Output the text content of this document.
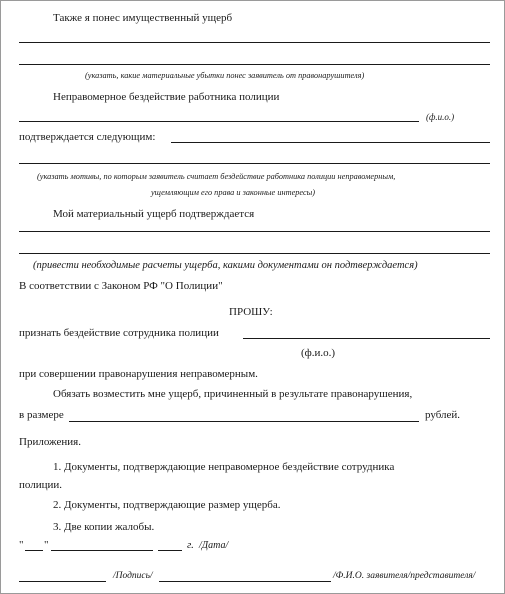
Также я понес имущественный ущерб
(указать, какие материальные убытки понес заявитель от правонарушителя)
Неправомерное бездействие работника полиции
(ф.и.о.)
подтверждается следующим:
(указать мотивы, по которым заявитель считает бездействие работника полиции неправомерным,
ущемляющим его права и законные интересы)
Мой материальный ущерб подтверждается
(привести необходимые расчеты ущерба, какими документами он подтверждается)
В соответствии с Законом РФ "О Полиции"
ПРОШУ:
признать бездействие сотрудника полиции
(ф.и.о.)
при совершении правонарушения неправомерным.
Обязать возместить мне ущерб, причиненный в результате правонарушения,
в размере	рублей.
Приложения.
1. Документы, подтверждающие неправомерное бездействие сотрудника
полиции.
2. Документы, подтверждающие размер ущерба.
3. Две копии жалобы.
" "	г. /Дата/
/Подпись/	/Ф.И.О. заявителя/представителя/
